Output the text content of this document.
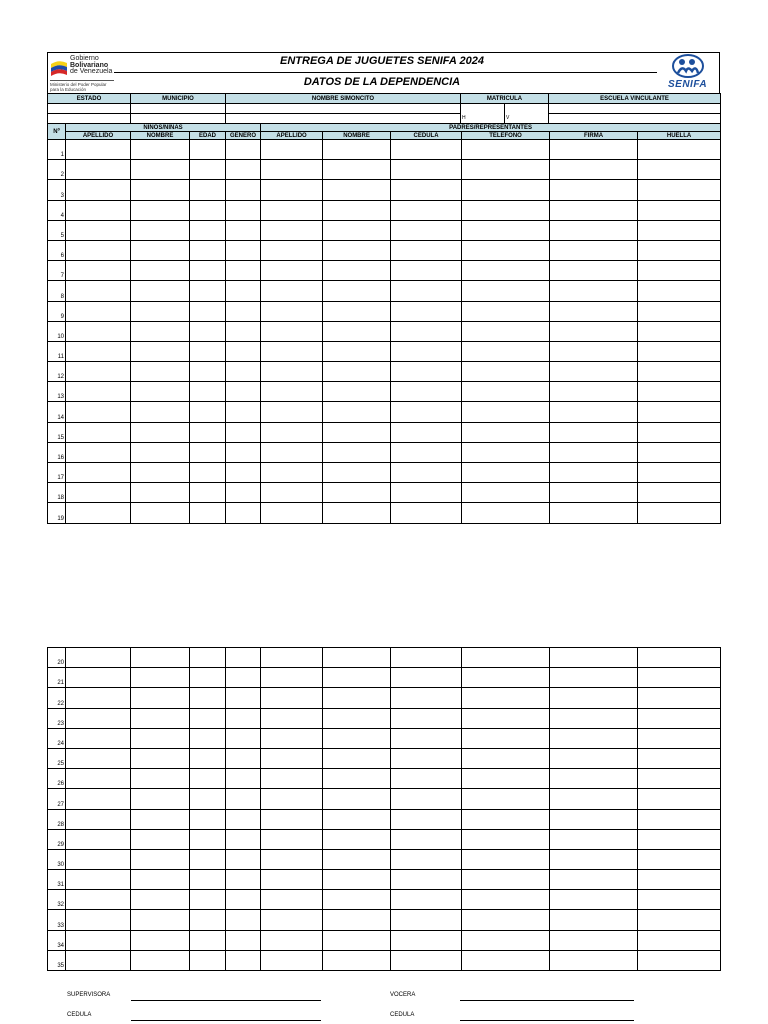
Gobierno
Bolivariano
de Venezuela
Ministerio del Poder Popular
para la Educación
ENTREGA DE JUGUETES SENIFA 2024
DATOS DE LA DEPENDENCIA	SENIFA
ESTADO	MUNICIPIO	NOMBRE SIMONCITO	MATRICULA		ESCUELA VINCULANTE

			H	V	
Nº	NIÑOS/NIÑAS				PADRES/REPRESENTANTES					
	APELLIDO	NOMBRE	EDAD	GENERO	APELLIDO	NOMBRE	CEDULA	TELEFONO	FIRMA	HUELLA
1										
2										
3										
4										
5										
6										
7										
8										
9										
10										
11										
12										
13										
14										
15										
16										
17										
18										
19										
20										
21										
22										
23										
24										
25										
26										
27										
28										
29										
30										
31										
32										
33										
34										
35										
SUPERVISORA
CEDULA
VOCERA
CEDULA
